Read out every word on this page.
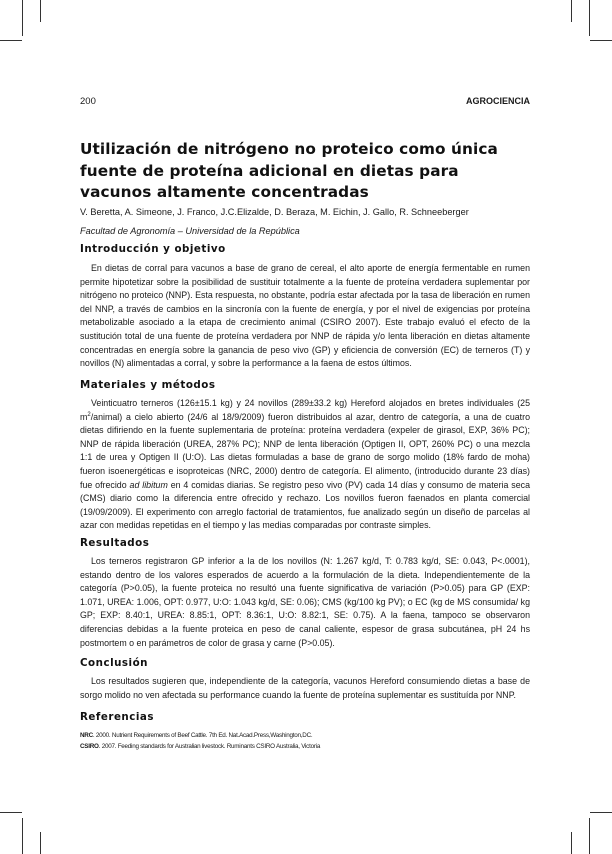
200	AGROCIENCIA
Utilización de nitrógeno no proteico como única fuente de proteína adicional en dietas para vacunos altamente concentradas
V. Beretta, A. Simeone, J. Franco, J.C.Elizalde, D. Beraza, M. Eichin, J. Gallo, R. Schneeberger
Facultad de Agronomía – Universidad de la República
Introducción y objetivo
En dietas de corral para vacunos a base de grano de cereal, el alto aporte de energía fermentable en rumen permite hipotetizar sobre la posibilidad de sustituir totalmente a la fuente de proteína verdadera suplementar por nitrógeno no proteico (NNP). Esta respuesta, no obstante, podría estar afectada por la tasa de liberación en rumen del NNP, a través de cambios en la sincronía con la fuente de energía, y por el nivel de exigencias por proteína metabolizable asociado a la etapa de crecimiento animal (CSIRO 2007). Este trabajo evaluó el efecto de la sustitución total de una fuente de proteína verdadera por NNP de rápida y/o lenta liberación en dietas altamente concentradas en energía sobre la ganancia de peso vivo (GP) y eficiencia de conversión (EC) de terneros (T) y novillos (N) alimentadas a corral, y sobre la performance a la faena de estos últimos.
Materiales y métodos
Veinticuatro terneros (126±15.1 kg) y 24 novillos (289±33.2 kg) Hereford alojados en bretes individuales (25 $m^2/animal$) a cielo abierto (24/6 al 18/9/2009) fueron distribuidos al azar, dentro de categoría, a una de cuatro dietas difiriendo en la fuente suplementaria de proteína: proteína verdadera (expeler de girasol, EXP, 36% PC); NNP de rápida liberación (UREA, 287% PC); NNP de lenta liberación (Optigen II, OPT, 260% PC) o una mezcla 1:1 de urea y Optigen II (U:O). Las dietas formuladas a base de grano de sorgo molido (18% fardo de moha) fueron isoenergéticas e isoproteicas (NRC, 2000) dentro de categoría. El alimento, (introducido durante 23 días) fue ofrecido ad libitum en 4 comidas diarias. Se registro peso vivo (PV) cada 14 días y consumo de materia seca (CMS) diario como la diferencia entre ofrecido y rechazo. Los novillos fueron faenados en planta comercial (19/09/2009). El experimento con arreglo factorial de tratamientos, fue analizado según un diseño de parcelas al azar con medidas repetidas en el tiempo y las medias comparadas por contraste simples.
Resultados
Los terneros registraron GP inferior a la de los novillos (N: 1.267 kg/d, T: 0.783 kg/d, SE: 0.043, P<.0001), estando dentro de los valores esperados de acuerdo a la formulación de la dieta. Independientemente de la categoría (P>0.05), la fuente proteica no resultó una fuente significativa de variación (P>0.05) para GP (EXP: 1.071, UREA: 1.006, OPT: 0.977, U:O: 1.043 kg/d, SE: 0.06); CMS (kg/100 kg PV); o EC (kg de MS consumida/ kg GP; EXP: 8.40:1, UREA: 8.85:1, OPT: 8.36:1, U:O: 8.82:1, SE: 0.75). A la faena, tampoco se observaron diferencias debidas a la fuente proteica en peso de canal caliente, espesor de grasa subcutánea, pH 24 hs postmortem o en parámetros de color de grasa y carne (P>0.05).
Conclusión
Los resultados sugieren que, independiente de la categoría, vacunos Hereford consumiendo dietas a base de sorgo molido no ven afectada su performance cuando la fuente de proteína suplementar es sustituída por NNP.
Referencias
NRC. 2000. Nutrient Requirements of Beef Cattle. 7th Ed. Nat.Acad.Press,Washington,DC.
CSIRO. 2007. Feeding standards for Australian livestock. Ruminants CSIRO Australia, Victoria
